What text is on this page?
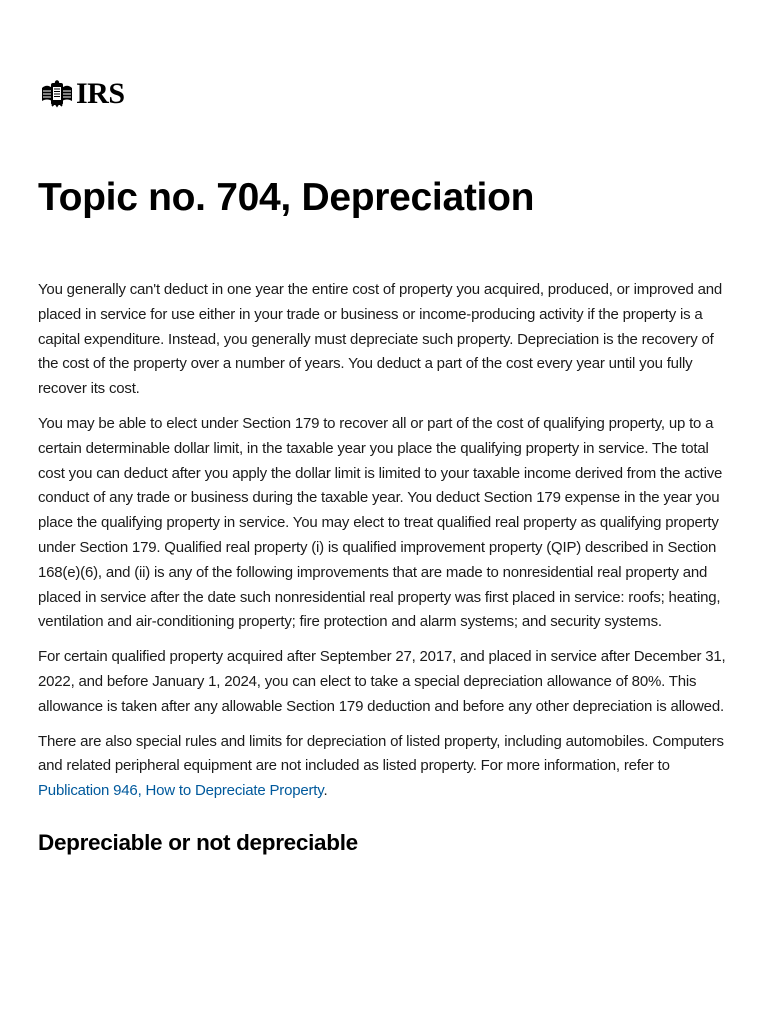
IRS
Topic no. 704, Depreciation

You generally can't deduct in one year the entire cost of property you acquired, produced, or improved and placed in service for use either in your trade or business or income-producing activity if the property is a capital expenditure. Instead, you generally must depreciate such property. Depreciation is the recovery of the cost of the property over a number of years. You deduct a part of the cost every year until you fully recover its cost.

You may be able to elect under Section 179 to recover all or part of the cost of qualifying property, up to a certain determinable dollar limit, in the taxable year you place the qualifying property in service. The total cost you can deduct after you apply the dollar limit is limited to your taxable income derived from the active conduct of any trade or business during the taxable year. You deduct Section 179 expense in the year you place the qualifying property in service. You may elect to treat qualified real property as qualifying property under Section 179. Qualified real property (i) is qualified improvement property (QIP) described in Section 168(e)(6), and (ii) is any of the following improvements that are made to nonresidential real property and placed in service after the date such nonresidential real property was first placed in service: roofs; heating, ventilation and air-conditioning property; fire protection and alarm systems; and security systems.

For certain qualified property acquired after September 27, 2017, and placed in service after December 31, 2022, and before January 1, 2024, you can elect to take a special depreciation allowance of 80%. This allowance is taken after any allowable Section 179 deduction and before any other depreciation is allowed.

There are also special rules and limits for depreciation of listed property, including automobiles. Computers and related peripheral equipment are not included as listed property. For more information, refer to Publication 946, How to Depreciate Property.

Depreciable or not depreciable
